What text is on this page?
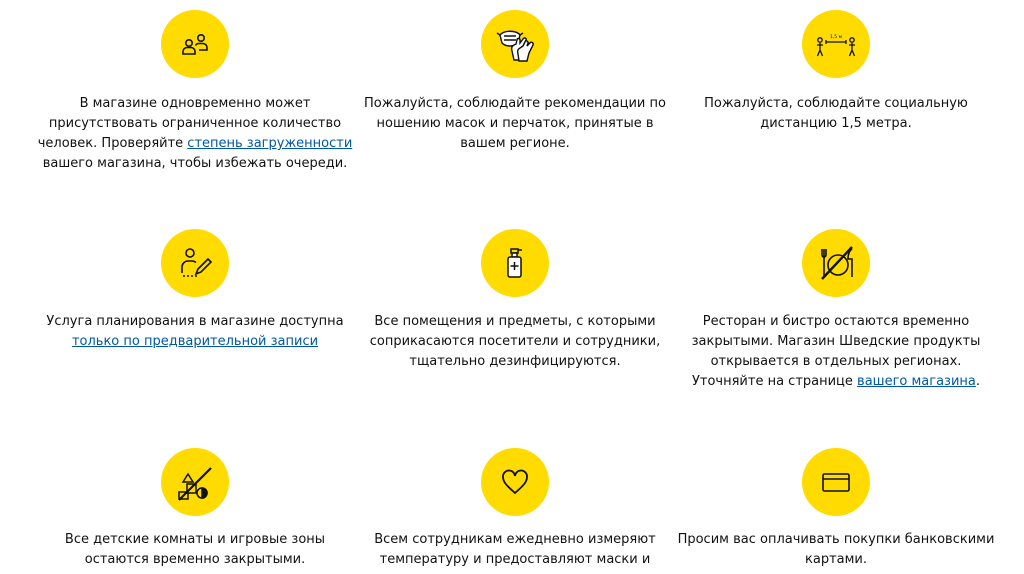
В магазине одновременно может
присутствовать ограниченное количество
человек. Проверяйте степень загруженности
вашего магазина, чтобы избежать очереди.
Пожалуйста, соблюдайте рекомендации по
ношению масок и перчаток, принятые в
вашем регионе.
1,5 м
Пожалуйста, соблюдайте социальную
дистанцию 1,5 метра.
Услуга планирования в магазине доступна
только по предварительной записи
Все помещения и предметы, с которыми
соприкасаются посетители и сотрудники,
тщательно дезинфицируются.
Ресторан и бистро остаются временно
закрытыми. Магазин Шведские продукты
открывается в отдельных регионах.
Уточняйте на странице вашего магазина.
Все детские комнаты и игровые зоны
остаются временно закрытыми.
Всем сотрудникам ежедневно измеряют
температуру и предоставляют маски и
Просим вас оплачивать покупки банковскими
картами.
